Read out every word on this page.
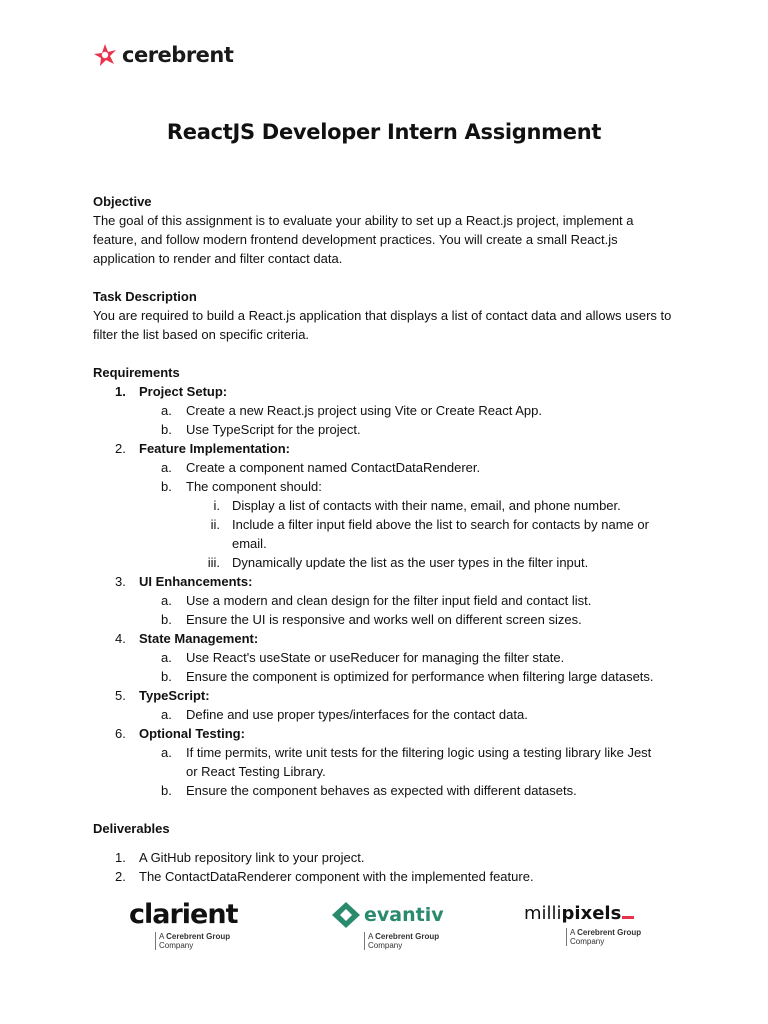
cerebrent
ReactJS Developer Intern Assignment
Objective
The goal of this assignment is to evaluate your ability to set up a React.js project, implement a
feature, and follow modern frontend development practices. You will create a small React.js
application to render and filter contact data.
Task Description
You are required to build a React.js application that displays a list of contact data and allows users to
filter the list based on specific criteria.
Requirements
1. Project Setup:
a. Create a new React.js project using Vite or Create React App.
b. Use TypeScript for the project.
2. Feature Implementation:
a. Create a component named ContactDataRenderer.
b. The component should:
i. Display a list of contacts with their name, email, and phone number.
ii. Include a filter input field above the list to search for contacts by name or email.
iii. Dynamically update the list as the user types in the filter input.
3. UI Enhancements:
a. Use a modern and clean design for the filter input field and contact list.
b. Ensure the UI is responsive and works well on different screen sizes.
4. State Management:
a. Use React's useState or useReducer for managing the filter state.
b. Ensure the component is optimized for performance when filtering large datasets.
5. TypeScript:
a. Define and use proper types/interfaces for the contact data.
6. Optional Testing:
a. If time permits, write unit tests for the filtering logic using a testing library like Jest or React Testing Library.
b. Ensure the component behaves as expected with different datasets.
Deliverables
1. A GitHub repository link to your project.
2. The ContactDataRenderer component with the implemented feature.
clarient
A Cerebrent Group
Company
evantiv
A Cerebrent Group
Company
millipixels
A Cerebrent Group
Company
